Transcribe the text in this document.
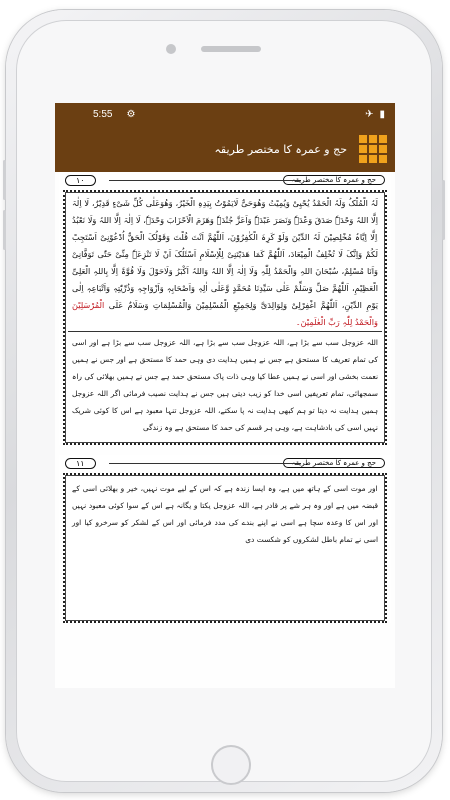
5:55 ⚙	✈ ▮
حج و عمرہ کا مختصر طریقہ
١٠	حج و عمرہ کا مختصر طریقہ
لَہُ الْمُلْکُ وَلَہُ الْحَمْدُ یُحْیِیْ وَیُمِیْتُ وَھُوَحَیٌّ لَایَمُوْتُ بِیَدِہِ الْخَیْرُ، وَھُوَعَلٰی کُلِّ شَیْءٍ قَدِیْرٌ، لَا اِلٰہَ اِلَّا اللہُ وَحْدَہٗ صَدَقَ وَعْدَہٗ وَنَصَرَ عَبْدَہٗ وَاَعَزَّ جُنْدَہٗ وَھَزَمَ الْاَحْزَابَ وَحْدَہٗ، لَا اِلٰہَ اِلَّا اللہُ وَلَا نَعْبُدُ اِلَّا اِیَّاہُ مُخْلِصِیْنَ لَہُ الدِّیْنَ وَلَوْ کَرِہَ الْکٰفِرُوْنَ، اَللّٰھُمَّ اَنْتَ قُلْتَ وَقَوْلُکَ الْحَقُّ اُدْعُوْنِیْ اَسْتَجِبْ لَکُمْ وَاِنَّکَ لَا تُخْلِفُ الْمِیْعَادَ، اَللّٰھُمَّ کَمَا ھَدَیْتَنِیْ لِلْاِسْلَامِ اَسْئَلُکَ اَنْ لَا تَنْزِعَہٗ مِنِّیْ حَتّٰی تَوَفَّانِیْ وَاَنَا مُسْلِمٌ، سُبْحَانَ اللہِ وَالْحَمْدُ لِلّٰہِ وَلَا اِلٰہَ اِلَّا اللہُ وَاللہُ اَکْبَرُ وَلَاحَوْلَ وَلَا قُوَّۃَ اِلَّا بِاللہِ الْعَلِیِّ الْعَظِیْمِ، اَللّٰھُمَّ صَلِّ وَسَلِّمْ عَلٰی سَیِّدِنَا مُحَمَّدٍ وَّعَلٰی اٰلِہٖ وَاَصْحَابِہٖ وَاَزْوَاجِہٖ وَذُرِّیّٰتِہٖ وَاَتْبَاعِہٖ اِلٰی یَوْمِ الدِّیْنِ، اَللّٰھُمَّ اغْفِرْلِیْ وَلِوَالِدَیَّ وَلِجَمِیْعِ الْمُسْلِمِیْنَ وَالْمُسْلِمَاتِ وَسَلَامٌ عَلَی الْمُرْسَلِیْنَ وَالْحَمْدُ لِلّٰہِ رَبِّ الْعٰلَمِیْنَ۔
اللہ عزوجل سب سے بڑا ہے، اللہ عزوجل سب سے بڑا ہے، اللہ عزوجل سب سے بڑا ہے اور اسی کی تمام تعریف کا مستحق ہے جس نے ہمیں ہدایت دی وہی حمد کا مستحق ہے اور جس نے ہمیں نعمت بخشی اور اسی نے ہمیں عطا کیا وہی ذات پاک مستحق حمد ہے جس نے ہمیں بھلائی کی راہ سمجھائی، تمام تعریفیں اسی خدا کو زیب دیتی ہیں جس نے ہدایت نصیب فرمائی اگر اللہ عزوجل ہمیں ہدایت نہ دیتا تو ہم کبھی ہدایت نہ پا سکتے، اللہ عزوجل تنہا معبود ہے اس کا کوئی شریک نہیں اسی کی بادشاہت ہے، وہی ہر قسم کی حمد کا مستحق ہے وہ زندگی
١١	حج و عمرہ کا مختصر طریقہ
اور موت اسی کے ہاتھ میں ہے، وہ ایسا زندہ ہے کہ اس کے لیے موت نہیں، خیر و بھلائی اسی کے قبضہ میں ہے اور وہ ہر شے پر قادر ہے، اللہ عزوجل یکتا و یگانہ ہے اس کے سوا کوئی معبود نہیں اور اس کا وعدہ سچا ہے اسی نے اپنے بندے کی مدد فرمائی اور اس کے لشکر کو سرخرو کیا اور اسی نے تمام باطل لشکروں کو شکست دی
